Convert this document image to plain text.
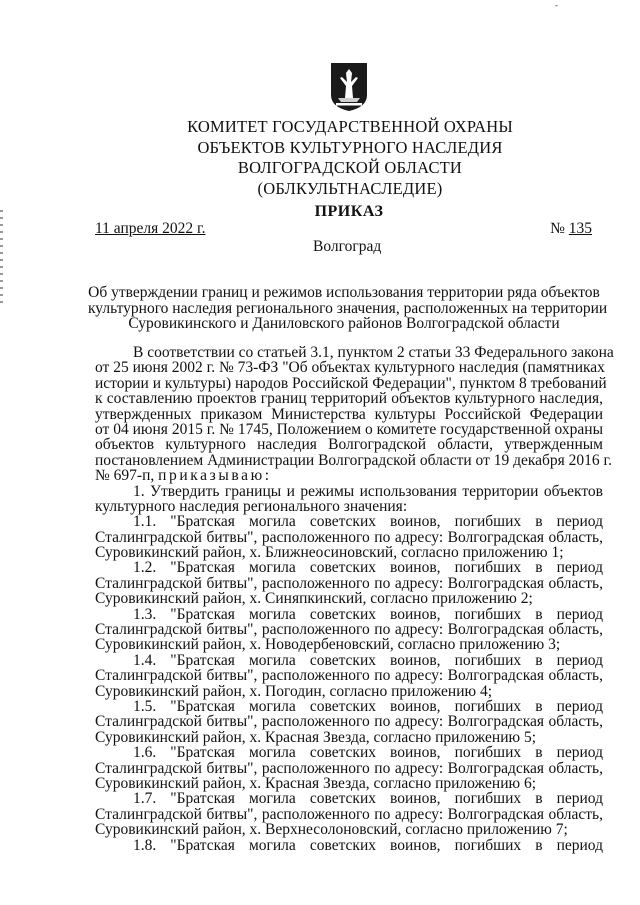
-
КОМИТЕТ ГОСУДАРСТВЕННОЙ ОХРАНЫ
ОБЪЕКТОВ КУЛЬТУРНОГО НАСЛЕДИЯ
ВОЛГОГРАДСКОЙ ОБЛАСТИ
(ОБЛКУЛЬТНАСЛЕДИЕ)
ПРИКАЗ
11 апреля 2022 г.	№ 135
Волгоград
Об утверждении границ и режимов использования территории ряда объектов
культурного наследия регионального значения, расположенных на территории
Суровикинского и Даниловского районов Волгоградской области
В соответствии со статьей 3.1, пунктом 2 статьи 33 Федерального закона
от 25 июня 2002 г. № 73-ФЗ "Об объектах культурного наследия (памятниках
истории и культуры) народов Российской Федерации", пунктом 8 требований
к составлению проектов границ территорий объектов культурного наследия,
утвержденных приказом Министерства культуры Российской Федерации
от 04 июня 2015 г. № 1745, Положением о комитете государственной охраны
объектов культурного наследия Волгоградской области, утвержденным
постановлением Администрации Волгоградской области от 19 декабря 2016 г.
№ 697-п, приказываю:
1. Утвердить границы и режимы использования территории объектов
культурного наследия регионального значения:
1.1. "Братская могила советских воинов, погибших в период
Сталинградской битвы", расположенного по адресу: Волгоградская область,
Суровикинский район, х. Ближнеосиновский, согласно приложению 1;
1.2. "Братская могила советских воинов, погибших в период
Сталинградской битвы", расположенного по адресу: Волгоградская область,
Суровикинский район, х. Синяпкинский, согласно приложению 2;
1.3. "Братская могила советских воинов, погибших в период
Сталинградской битвы", расположенного по адресу: Волгоградская область,
Суровикинский район, х. Новодербеновский, согласно приложению 3;
1.4. "Братская могила советских воинов, погибших в период
Сталинградской битвы", расположенного по адресу: Волгоградская область,
Суровикинский район, х. Погодин, согласно приложению 4;
1.5. "Братская могила советских воинов, погибших в период
Сталинградской битвы", расположенного по адресу: Волгоградская область,
Суровикинский район, х. Красная Звезда, согласно приложению 5;
1.6. "Братская могила советских воинов, погибших в период
Сталинградской битвы", расположенного по адресу: Волгоградская область,
Суровикинский район, х. Красная Звезда, согласно приложению 6;
1.7. "Братская могила советских воинов, погибших в период
Сталинградской битвы", расположенного по адресу: Волгоградская область,
Суровикинский район, х. Верхнесолоновский, согласно приложению 7;
1.8. "Братская могила советских воинов, погибших в период
